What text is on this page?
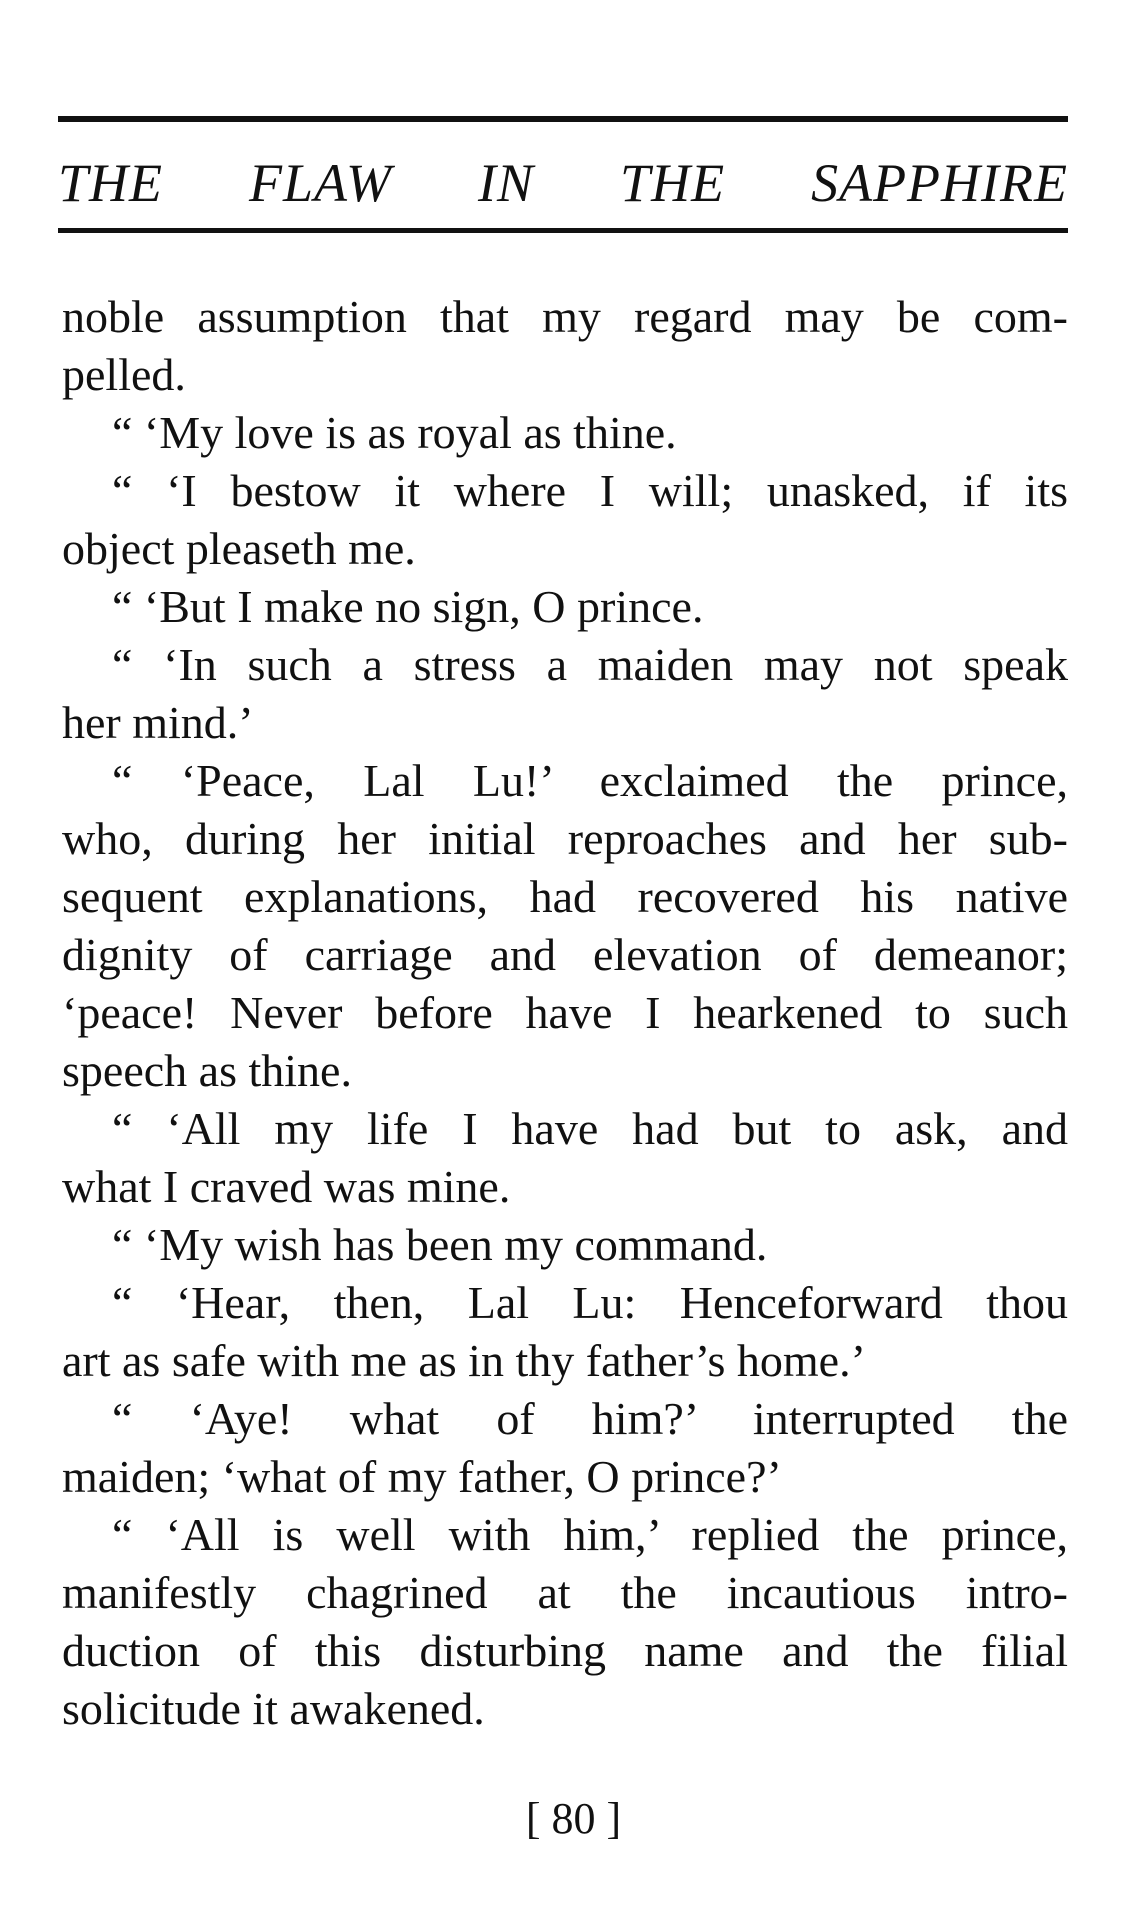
THE FLAW IN THE SAPPHIRE
noble assumption that my regard may be com-
pelled.
“ ‘My love is as royal as thine.
“ ‘I bestow it where I will; unasked, if its
object pleaseth me.
“ ‘But I make no sign, O prince.
“ ‘In such a stress a maiden may not speak
her mind.’
“ ‘Peace, Lal Lu!’ exclaimed the prince,
who, during her initial reproaches and her sub-
sequent explanations, had recovered his native
dignity of carriage and elevation of demeanor;
‘peace! Never before have I hearkened to such
speech as thine.
“ ‘All my life I have had but to ask, and
what I craved was mine.
“ ‘My wish has been my command.
“ ‘Hear, then, Lal Lu: Henceforward thou
art as safe with me as in thy father’s home.’
“ ‘Aye! what of him?’ interrupted the
maiden; ‘what of my father, O prince?’
“ ‘All is well with him,’ replied the prince,
manifestly chagrined at the incautious intro-
duction of this disturbing name and the filial
solicitude it awakened.
[ 80 ]
